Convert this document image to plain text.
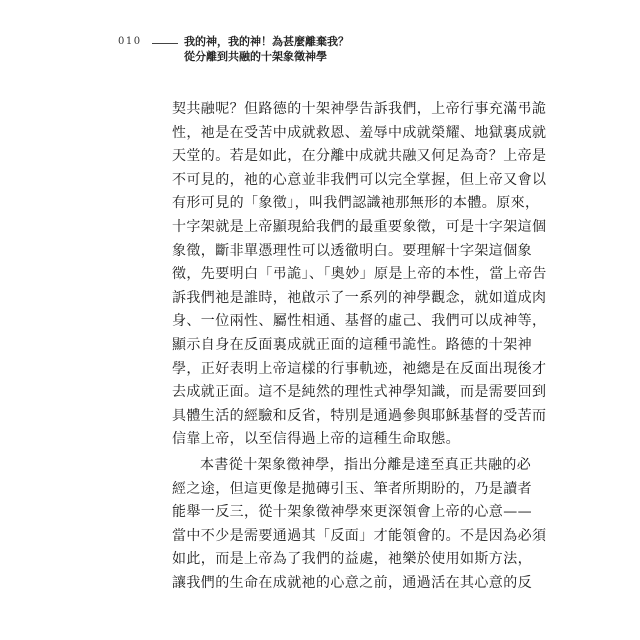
010	我的神，我的神！為甚麼離棄我？
從分離到共融的十架象徵神學
契共融呢？但路德的十架神學告訴我們，上帝行事充滿弔詭
性，祂是在受苦中成就救恩、羞辱中成就榮耀、地獄裏成就
天堂的。若是如此，在分離中成就共融又何足為奇？上帝是
不可見的，祂的心意並非我們可以完全掌握，但上帝又會以
有形可見的「象徵」，叫我們認識祂那無形的本體。原來，
十字架就是上帝顯現給我們的最重要象徵，可是十字架這個
象徵，斷非單憑理性可以透徹明白。要理解十字架這個象
徵，先要明白「弔詭」、「奧妙」原是上帝的本性，當上帝告
訴我們祂是誰時，祂啟示了一系列的神學觀念，就如道成肉
身、一位兩性、屬性相通、基督的虛己、我們可以成神等，
顯示自身在反面裏成就正面的這種弔詭性。路德的十架神
學，正好表明上帝這樣的行事軌迹，祂總是在反面出現後才
去成就正面。這不是純然的理性式神學知識，而是需要回到
具體生活的經驗和反省，特別是通過參與耶穌基督的受苦而
信靠上帝，以至信得過上帝的這種生命取態。
本書從十架象徵神學，指出分離是達至真正共融的必
經之途，但這更像是拋磚引玉、筆者所期盼的，乃是讀者
能舉一反三，從十架象徵神學來更深領會上帝的心意——
當中不少是需要通過其「反面」才能領會的。不是因為必須
如此，而是上帝為了我們的益處，祂樂於使用如斯方法，
讓我們的生命在成就祂的心意之前，通過活在其心意的反
